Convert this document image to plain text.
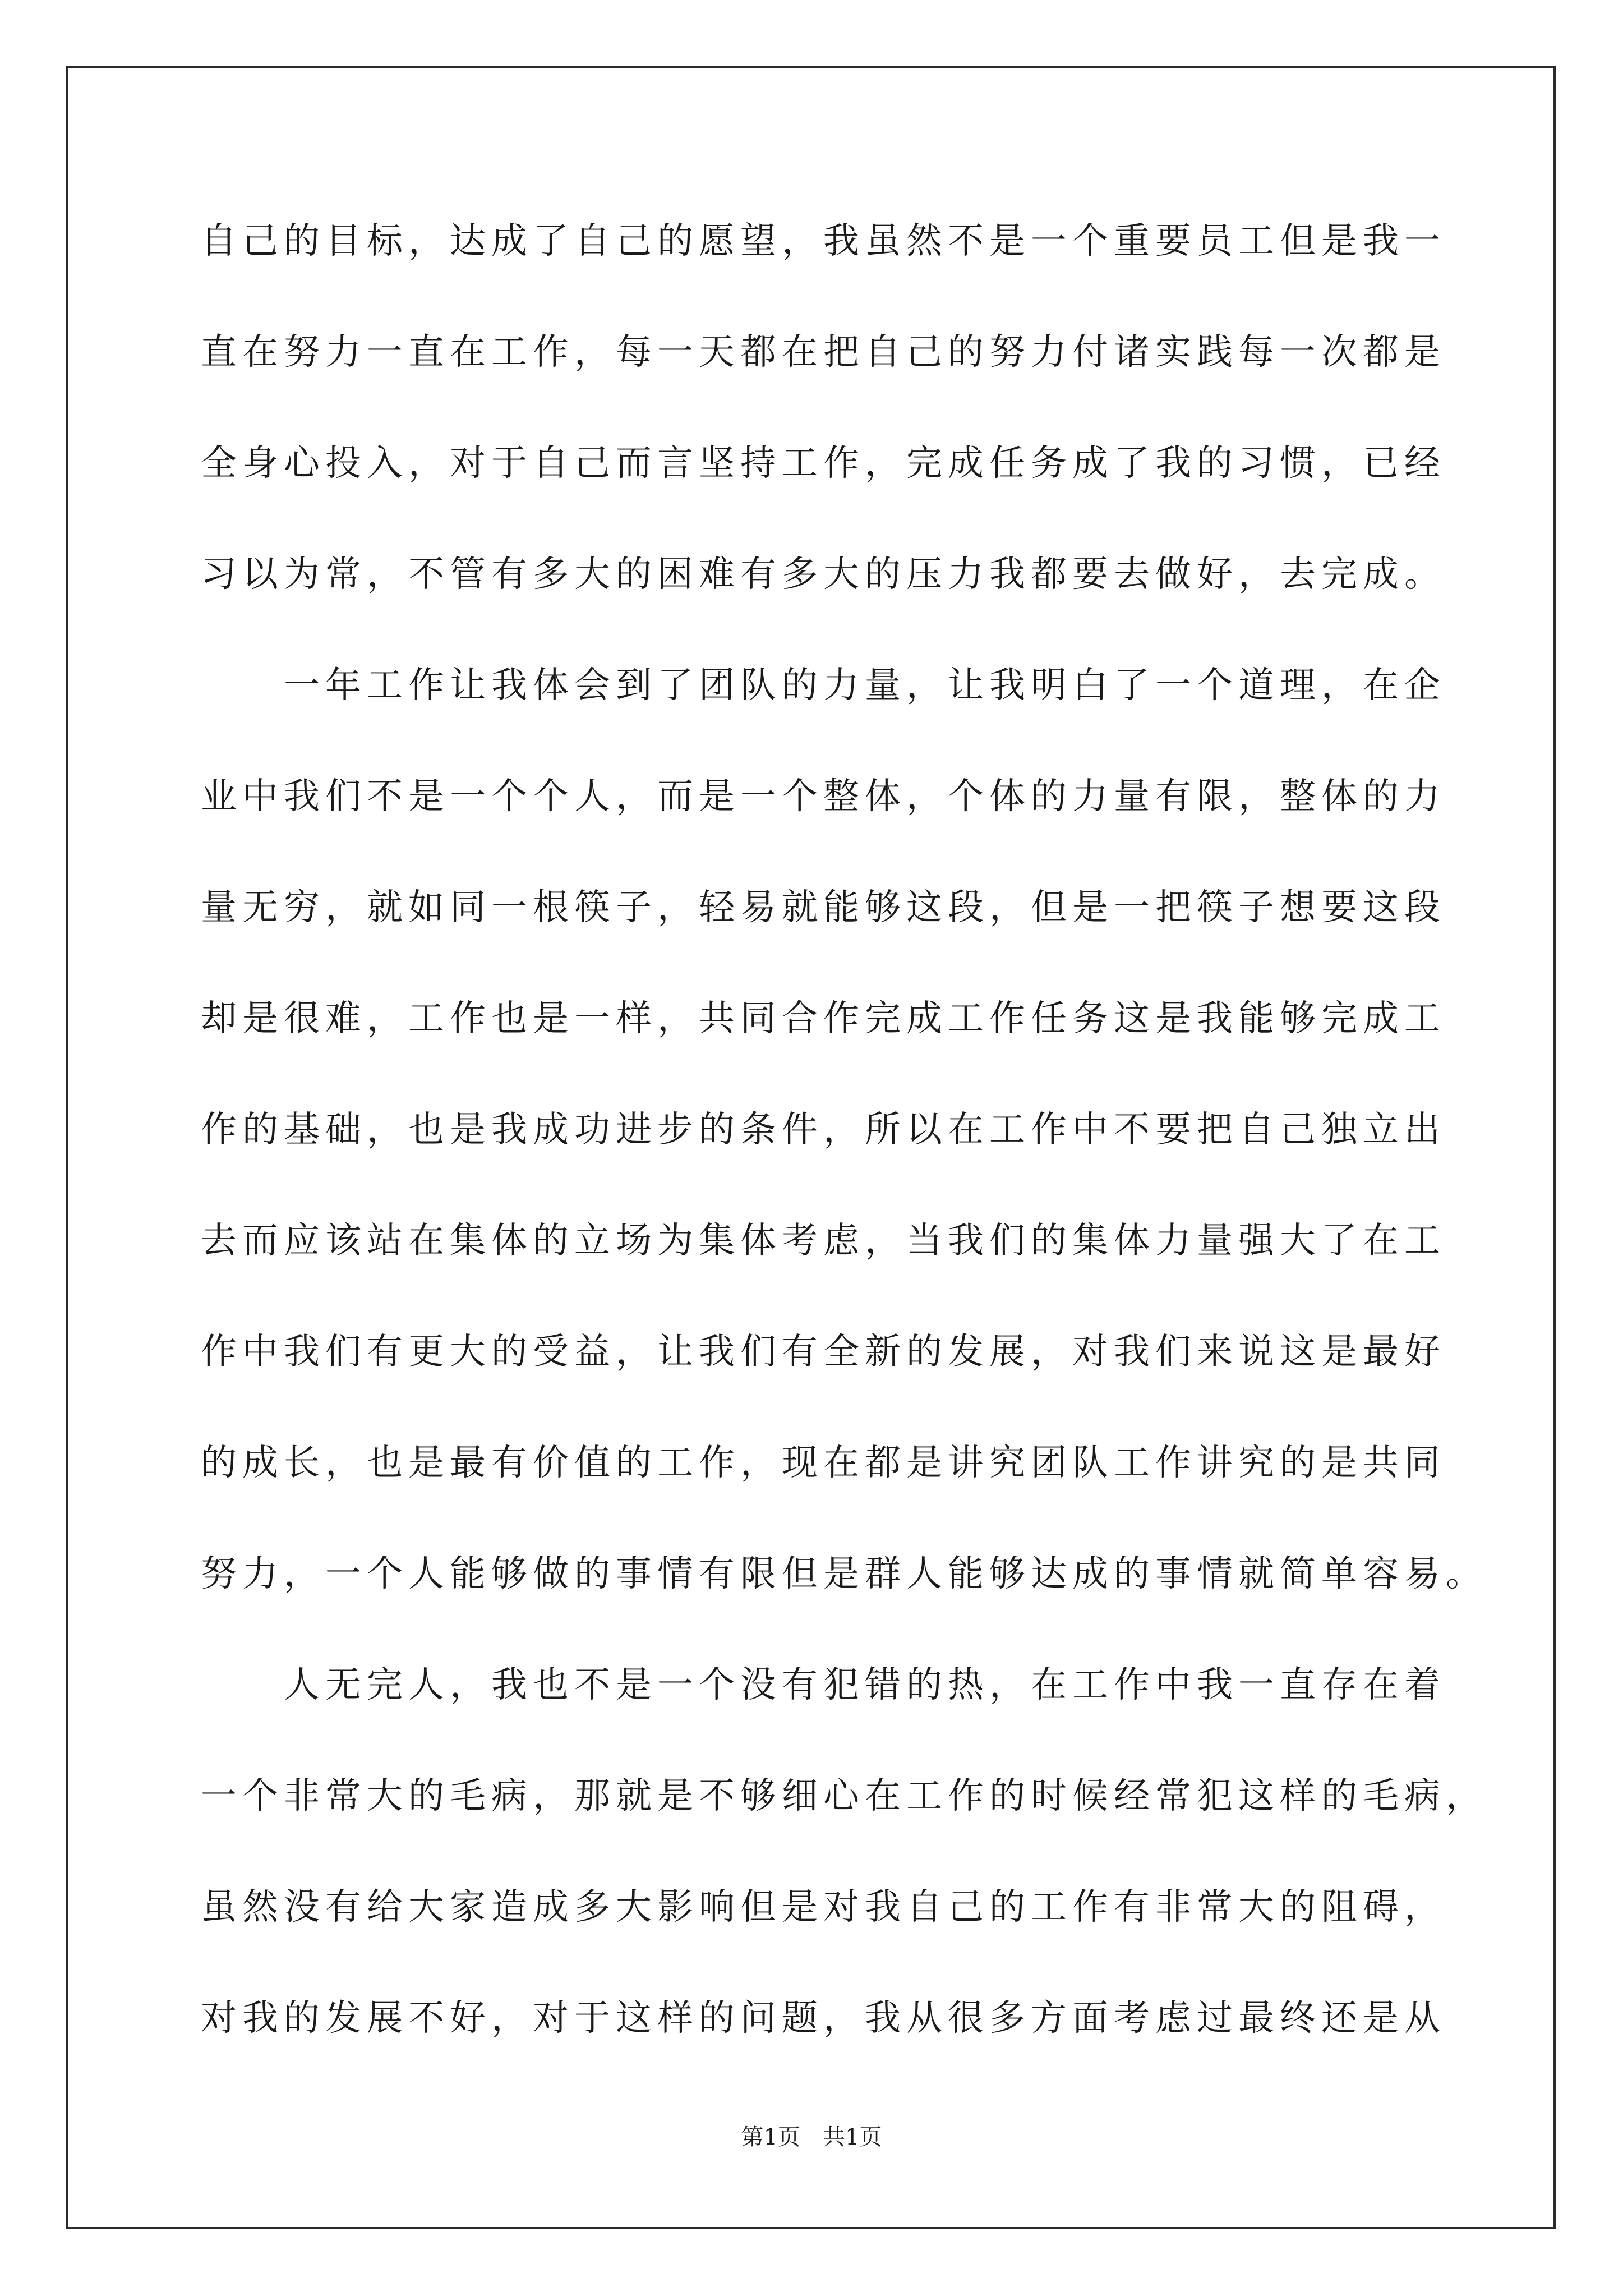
自己的目标，达成了自己的愿望，我虽然不是一个重要员工但是我一
直在努力一直在工作，每一天都在把自己的努力付诸实践每一次都是
全身心投入，对于自己而言坚持工作，完成任务成了我的习惯，已经
习以为常，不管有多大的困难有多大的压力我都要去做好，去完成。
　　一年工作让我体会到了团队的力量，让我明白了一个道理，在企
业中我们不是一个个人，而是一个整体，个体的力量有限，整体的力
量无穷，就如同一根筷子，轻易就能够这段，但是一把筷子想要这段
却是很难，工作也是一样，共同合作完成工作任务这是我能够完成工
作的基础，也是我成功进步的条件，所以在工作中不要把自己独立出
去而应该站在集体的立场为集体考虑，当我们的集体力量强大了在工
作中我们有更大的受益，让我们有全新的发展，对我们来说这是最好
的成长，也是最有价值的工作，现在都是讲究团队工作讲究的是共同
努力，一个人能够做的事情有限但是群人能够达成的事情就简单容易。
　　人无完人，我也不是一个没有犯错的热，在工作中我一直存在着
一个非常大的毛病，那就是不够细心在工作的时候经常犯这样的毛病，
虽然没有给大家造成多大影响但是对我自己的工作有非常大的阻碍，
对我的发展不好，对于这样的问题，我从很多方面考虑过最终还是从
第1页　共1页
